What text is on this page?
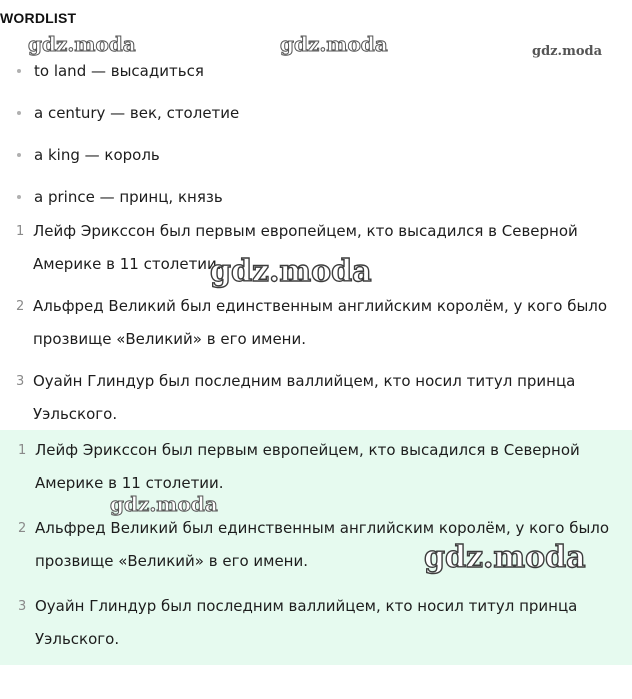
WORDLIST
to land — высадиться
a century — век, столетие
a king — король
a prince — принц, князь
1 Лейф Эрикссон был первым европейцем, кто высадился в Северной Америке в 11 столетии.
2 Альфред Великий был единственным английским королём, у кого было прозвище «Великий» в его имени.
3 Оуайн Глиндур был последним валлийцем, кто носил титул принца Уэльского.
1 Лейф Эрикссон был первым европейцем, кто высадился в Северной Америке в 11 столетии.
2 Альфред Великий был единственным английским королём, у кого было прозвище «Великий» в его имени.
3 Оуайн Глиндур был последним валлийцем, кто носил титул принца Уэльского.
gdz.moda	gdz.moda	gdz.moda
gdz.moda
gdz.moda
gdz.moda
